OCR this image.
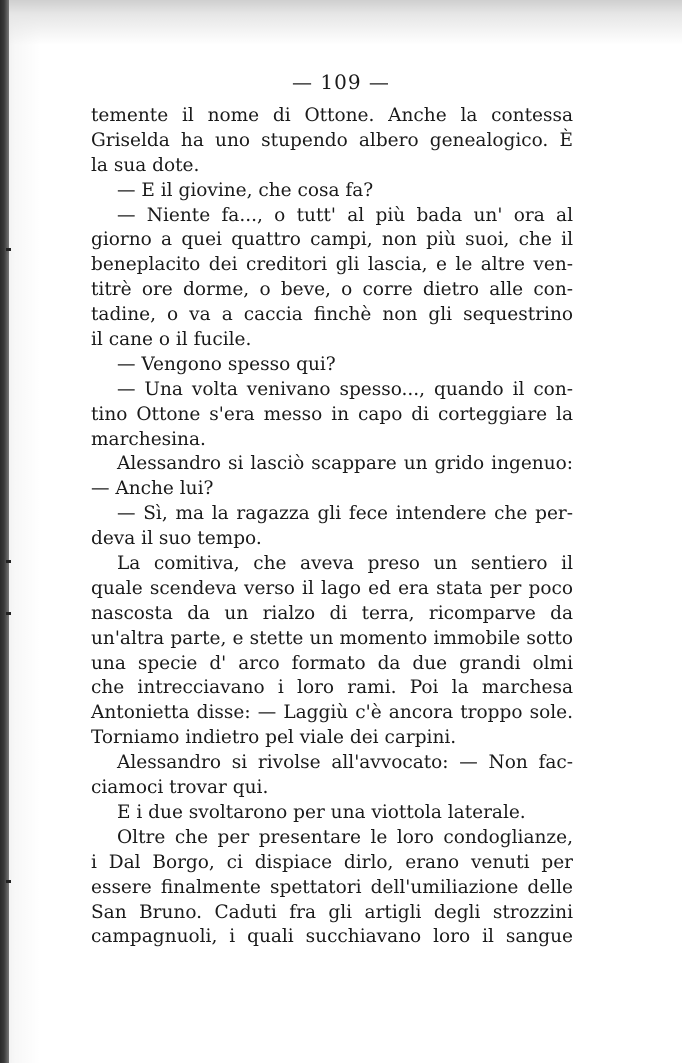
— 109 —
temente il nome di Ottone. Anche la contessa
Griselda ha uno stupendo albero genealogico. È
la sua dote.
— E il giovine, che cosa fa?
— Niente fa..., o tutt' al più bada un' ora al
giorno a quei quattro campi, non più suoi, che il
beneplacito dei creditori gli lascia, e le altre ven-
titrè ore dorme, o beve, o corre dietro alle con-
tadine, o va a caccia finchè non gli sequestrino
il cane o il fucile.
— Vengono spesso qui?
— Una volta venivano spesso..., quando il con-
tino Ottone s'era messo in capo di corteggiare la
marchesina.
Alessandro si lasciò scappare un grido ingenuo:
— Anche lui?
— Sì, ma la ragazza gli fece intendere che per-
deva il suo tempo.
La comitiva, che aveva preso un sentiero il
quale scendeva verso il lago ed era stata per poco
nascosta da un rialzo di terra, ricomparve da
un'altra parte, e stette un momento immobile sotto
una specie d' arco formato da due grandi olmi
che intrecciavano i loro rami. Poi la marchesa
Antonietta disse: — Laggiù c'è ancora troppo sole.
Torniamo indietro pel viale dei carpini.
Alessandro si rivolse all'avvocato: — Non fac-
ciamoci trovar qui.
E i due svoltarono per una viottola laterale.
Oltre che per presentare le loro condoglianze,
i Dal Borgo, ci dispiace dirlo, erano venuti per
essere finalmente spettatori dell'umiliazione delle
San Bruno. Caduti fra gli artigli degli strozzini
campagnuoli, i quali succhiavano loro il sangue
